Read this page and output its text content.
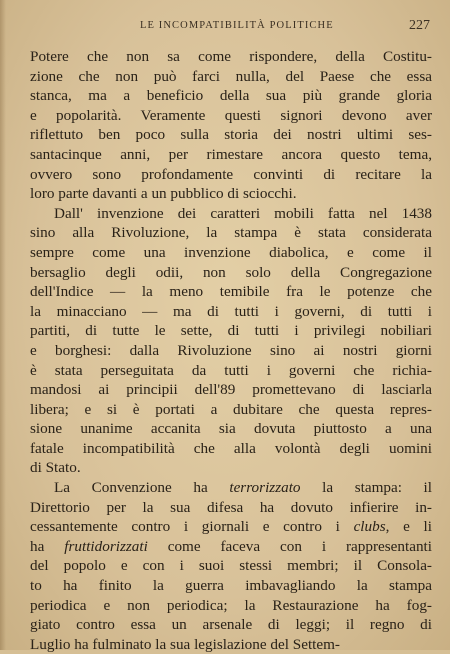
LE INCOMPATIBILITÀ POLITICHE	227
Potere che non sa come rispondere, della Costitu-
zione che non può farci nulla, del Paese che essa
stanca, ma a beneficio della sua più grande gloria
e popolarità. Veramente questi signori devono aver
riflettuto ben poco sulla storia dei nostri ultimi ses-
santacinque anni, per rimestare ancora questo tema,
ovvero sono profondamente convinti di recitare la
loro parte davanti a un pubblico di sciocchi.
Dall' invenzione dei caratteri mobili fatta nel 1438
sino alla Rivoluzione, la stampa è stata considerata
sempre come una invenzione diabolica, e come il
bersaglio degli odii, non solo della Congregazione
dell'Indice — la meno temibile fra le potenze che
la minacciano — ma di tutti i governi, di tutti i
partiti, di tutte le sette, di tutti i privilegi nobiliari
e borghesi: dalla Rivoluzione sino ai nostri giorni
è stata perseguitata da tutti i governi che richia-
mandosi ai principii dell'89 promettevano di lasciarla
libera; e si è portati a dubitare che questa repres-
sione unanime accanita sia dovuta piuttosto a una
fatale incompatibilità che alla volontà degli uomini
di Stato.
La Convenzione ha terrorizzato la stampa: il
Direttorio per la sua difesa ha dovuto infierire in-
cessantemente contro i giornali e contro i clubs, e li
ha fruttidorizzati come faceva con i rappresentanti
del popolo e con i suoi stessi membri; il Consola-
to ha finito la guerra imbavagliando la stampa
periodica e non periodica; la Restaurazione ha fog-
giato contro essa un arsenale di leggi; il regno di
Luglio ha fulminato la sua legislazione del Settem-
